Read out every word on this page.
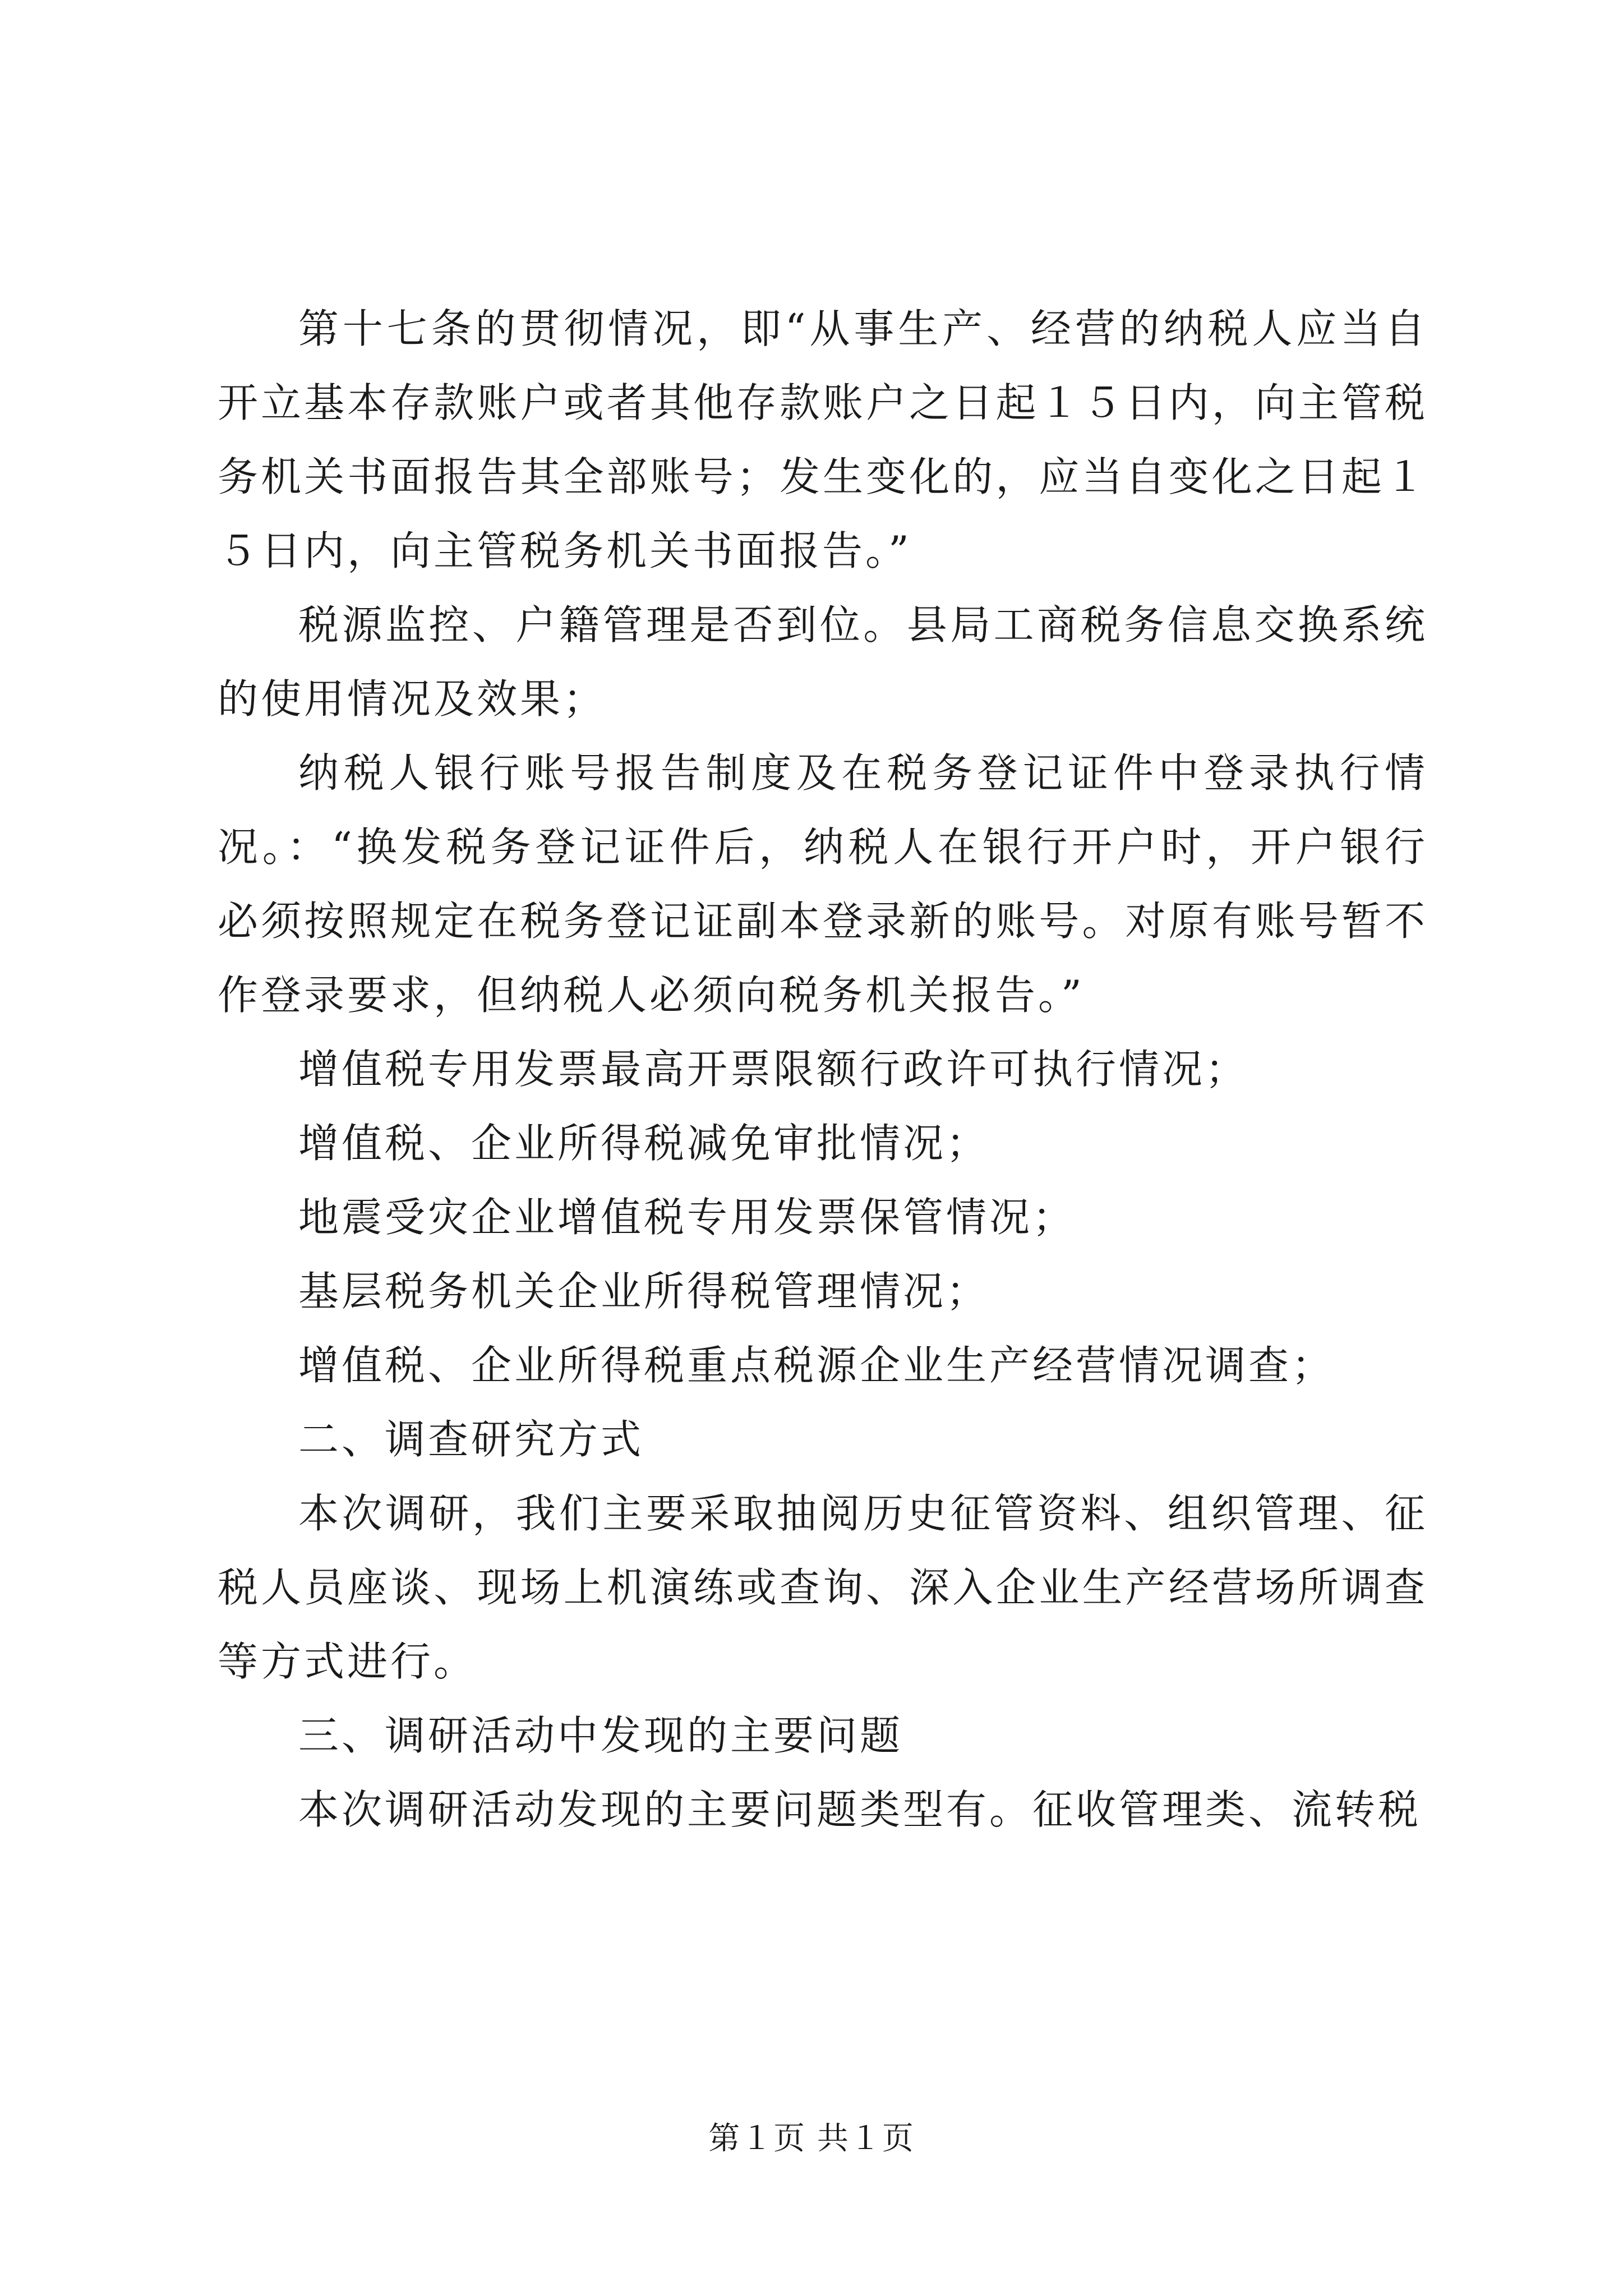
第十七条的贯彻情况，即“从事生产、经营的纳税人应当自开立基本存款账户或者其他存款账户之日起１５日内，向主管税务机关书面报告其全部账号；发生变化的，应当自变化之日起１５日内，向主管税务机关书面报告。”

税源监控、户籍管理是否到位。县局工商税务信息交换系统的使用情况及效果；

纳税人银行账号报告制度及在税务登记证件中登录执行情况。：“换发税务登记证件后，纳税人在银行开户时，开户银行必须按照规定在税务登记证副本登录新的账号。对原有账号暂不作登录要求，但纳税人必须向税务机关报告。”

增值税专用发票最高开票限额行政许可执行情况；

增值税、企业所得税减免审批情况；

地震受灾企业增值税专用发票保管情况；

基层税务机关企业所得税管理情况；

增值税、企业所得税重点税源企业生产经营情况调查；

二、调查研究方式

本次调研，我们主要采取抽阅历史征管资料、组织管理、征税人员座谈、现场上机演练或查询、深入企业生产经营场所调查等方式进行。

三、调研活动中发现的主要问题

本次调研活动发现的主要问题类型有。征收管理类、流转税

第１页 共１页
